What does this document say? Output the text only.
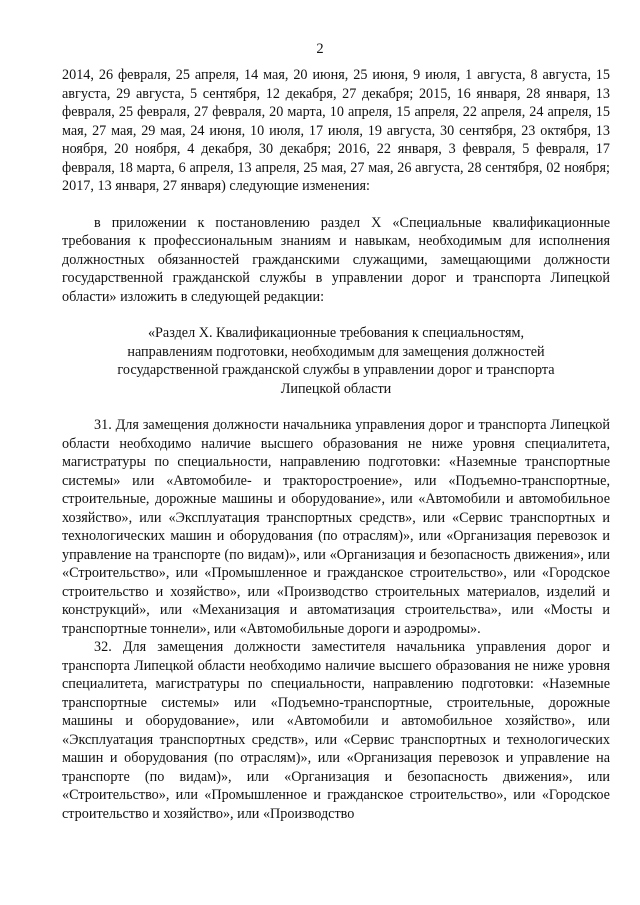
2

2014, 26 февраля, 25 апреля, 14 мая, 20 июня, 25 июня, 9 июля, 1 августа, 8 августа, 15 августа, 29 августа, 5 сентября, 12 декабря, 27 декабря; 2015, 16 января, 28 января, 13 февраля, 25 февраля, 27 февраля, 20 марта, 10 апреля, 15 апреля, 22 апреля, 24 апреля, 15 мая, 27 мая, 29 мая, 24 июня, 10 июля, 17 июля, 19 августа, 30 сентября, 23 октября, 13 ноября, 20 ноября, 4 декабря, 30 декабря; 2016, 22 января, 3 февраля, 5 февраля, 17 февраля, 18 марта, 6 апреля, 13 апреля, 25 мая, 27 мая, 26 августа, 28 сентября, 02 ноября; 2017, 13 января, 27 января) следующие изменения:

в приложении к постановлению раздел X «Специальные квалификационные требования к профессиональным знаниям и навыкам, необходимым для исполнения должностных обязанностей гражданскими служащими, замещающими должности государственной гражданской службы в управлении дорог и транспорта Липецкой области» изложить в следующей редакции:

«Раздел X. Квалификационные требования к специальностям,
направлениям подготовки, необходимым для замещения должностей
государственной гражданской службы в управлении дорог и транспорта
Липецкой области

31. Для замещения должности начальника управления дорог и транспорта Липецкой области необходимо наличие высшего образования не ниже уровня специалитета, магистратуры по специальности, направлению подготовки: «Наземные транспортные системы» или «Автомобиле- и тракторостроение», или «Подъемно-транспортные, строительные, дорожные машины и оборудование», или «Автомобили и автомобильное хозяйство», или «Эксплуатация транспортных средств», или «Сервис транспортных и технологических машин и оборудования (по отраслям)», или «Организация перевозок и управление на транспорте (по видам)», или «Организация и безопасность движения», или «Строительство», или «Промышленное и гражданское строительство», или «Городское строительство и хозяйство», или «Производство строительных материалов, изделий и конструкций», или «Механизация и автоматизация строительства», или «Мосты и транспортные тоннели», или «Автомобильные дороги и аэродромы».

32. Для замещения должности заместителя начальника управления дорог и транспорта Липецкой области необходимо наличие высшего образования не ниже уровня специалитета, магистратуры по специальности, направлению подготовки: «Наземные транспортные системы» или «Подъемно-транспортные, строительные, дорожные машины и оборудование», или «Автомобили и автомобильное хозяйство», или «Эксплуатация транспортных средств», или «Сервис транспортных и технологических машин и оборудования (по отраслям)», или «Организация перевозок и управление на транспорте (по видам)», или «Организация и безопасность движения», или «Строительство», или «Промышленное и гражданское строительство», или «Городское строительство и хозяйство», или «Производство
